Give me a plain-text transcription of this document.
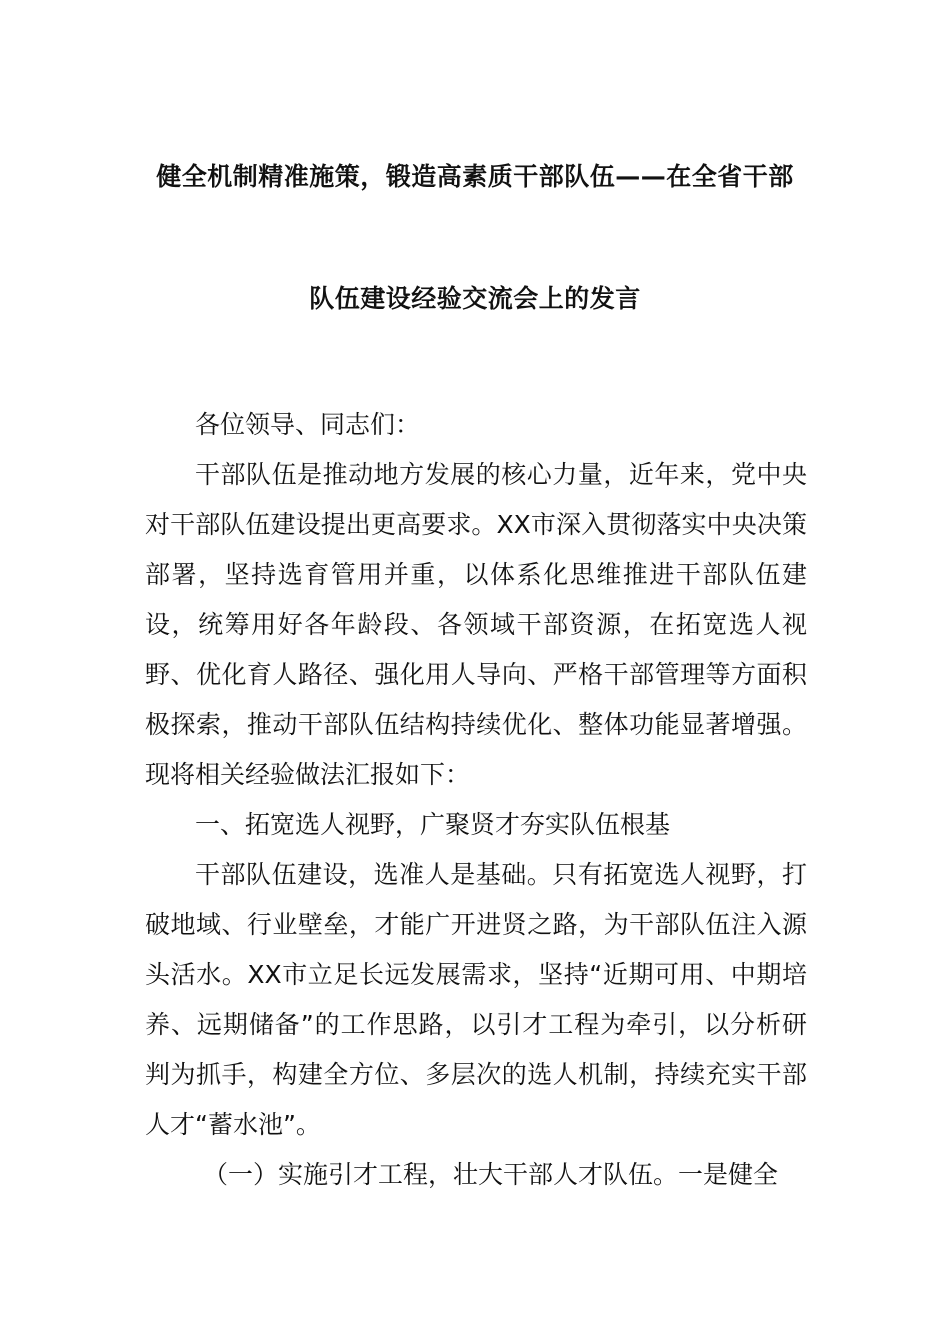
健全机制精准施策，锻造高素质干部队伍——在全省干部
队伍建设经验交流会上的发言

各位领导、同志们：

干部队伍是推动地方发展的核心力量，近年来，党中央对干部队伍建设提出更高要求。XX市深入贯彻落实中央决策部署，坚持选育管用并重，以体系化思维推进干部队伍建设，统筹用好各年龄段、各领域干部资源，在拓宽选人视野、优化育人路径、强化用人导向、严格干部管理等方面积极探索，推动干部队伍结构持续优化、整体功能显著增强。现将相关经验做法汇报如下：

一、拓宽选人视野，广聚贤才夯实队伍根基

干部队伍建设，选准人是基础。只有拓宽选人视野，打破地域、行业壁垒，才能广开进贤之路，为干部队伍注入源头活水。XX市立足长远发展需求，坚持“近期可用、中期培养、远期储备”的工作思路，以引才工程为牵引，以分析研判为抓手，构建全方位、多层次的选人机制，持续充实干部人才“蓄水池”。

（一）实施引才工程，壮大干部人才队伍。一是健全
